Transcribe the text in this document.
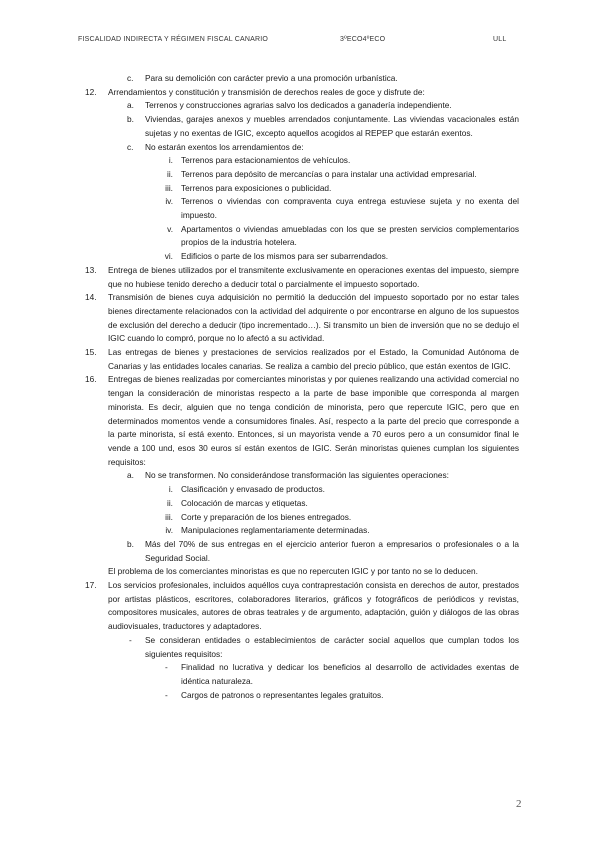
FISCALIDAD INDIRECTA Y RÉGIMEN FISCAL CANARIO	3ºECO4ºECO	ULL

c. Para su demolición con carácter previo a una promoción urbanística.

12. Arrendamientos y constitución y transmisión de derechos reales de goce y disfrute de:

a. Terrenos y construcciones agrarias salvo los dedicados a ganadería independiente.

b. Viviendas, garajes anexos y muebles arrendados conjuntamente. Las viviendas vacacionales están sujetas y no exentas de IGIC, excepto aquellos acogidos al REPEP que estarán exentos.

c. No estarán exentos los arrendamientos de:

i. Terrenos para estacionamientos de vehículos.

ii. Terrenos para depósito de mercancías o para instalar una actividad empresarial.

iii. Terrenos para exposiciones o publicidad.

iv. Terrenos o viviendas con compraventa cuya entrega estuviese sujeta y no exenta del impuesto.

v. Apartamentos o viviendas amuebladas con los que se presten servicios complementarios propios de la industria hotelera.

vi. Edificios o parte de los mismos para ser subarrendados.

13. Entrega de bienes utilizados por el transmitente exclusivamente en operaciones exentas del impuesto, siempre que no hubiese tenido derecho a deducir total o parcialmente el impuesto soportado.

14. Transmisión de bienes cuya adquisición no permitió la deducción del impuesto soportado por no estar tales bienes directamente relacionados con la actividad del adquirente o por encontrarse en alguno de los supuestos de exclusión del derecho a deducir (tipo incrementado…). Si transmito un bien de inversión que no se dedujo el IGIC cuando lo compró, porque no lo afectó a su actividad.

15. Las entregas de bienes y prestaciones de servicios realizados por el Estado, la Comunidad Autónoma de Canarias y las entidades locales canarias. Se realiza a cambio del precio público, que están exentos de IGIC.

16. Entregas de bienes realizadas por comerciantes minoristas y por quienes realizando una actividad comercial no tengan la consideración de minoristas respecto a la parte de base imponible que corresponda al margen minorista. Es decir, alguien que no tenga condición de minorista, pero que repercute IGIC, pero que en determinados momentos vende a consumidores finales. Así, respecto a la parte del precio que corresponde a la parte minorista, sí está exento. Entonces, si un mayorista vende a 70 euros pero a un consumidor final le vende a 100 und, esos 30 euros sí están exentos de IGIC. Serán minoristas quienes cumplan los siguientes requisitos:

a. No se transformen. No considerándose transformación las siguientes operaciones:

i. Clasificación y envasado de productos.

ii. Colocación de marcas y etiquetas.

iii. Corte y preparación de los bienes entregados.

iv. Manipulaciones reglamentariamente determinadas.

b. Más del 70% de sus entregas en el ejercicio anterior fueron a empresarios o profesionales o a la Seguridad Social.

El problema de los comerciantes minoristas es que no repercuten IGIC y por tanto no se lo deducen.

17. Los servicios profesionales, incluidos aquéllos cuya contraprestación consista en derechos de autor, prestados por artistas plásticos, escritores, colaboradores literarios, gráficos y fotográficos de periódicos y revistas, compositores musicales, autores de obras teatrales y de argumento, adaptación, guión y diálogos de las obras audiovisuales, traductores y adaptadores.

- Se consideran entidades o establecimientos de carácter social aquellos que cumplan todos los siguientes requisitos:

- Finalidad no lucrativa y dedicar los beneficios al desarrollo de actividades exentas de idéntica naturaleza.

- Cargos de patronos o representantes legales gratuitos.

2
